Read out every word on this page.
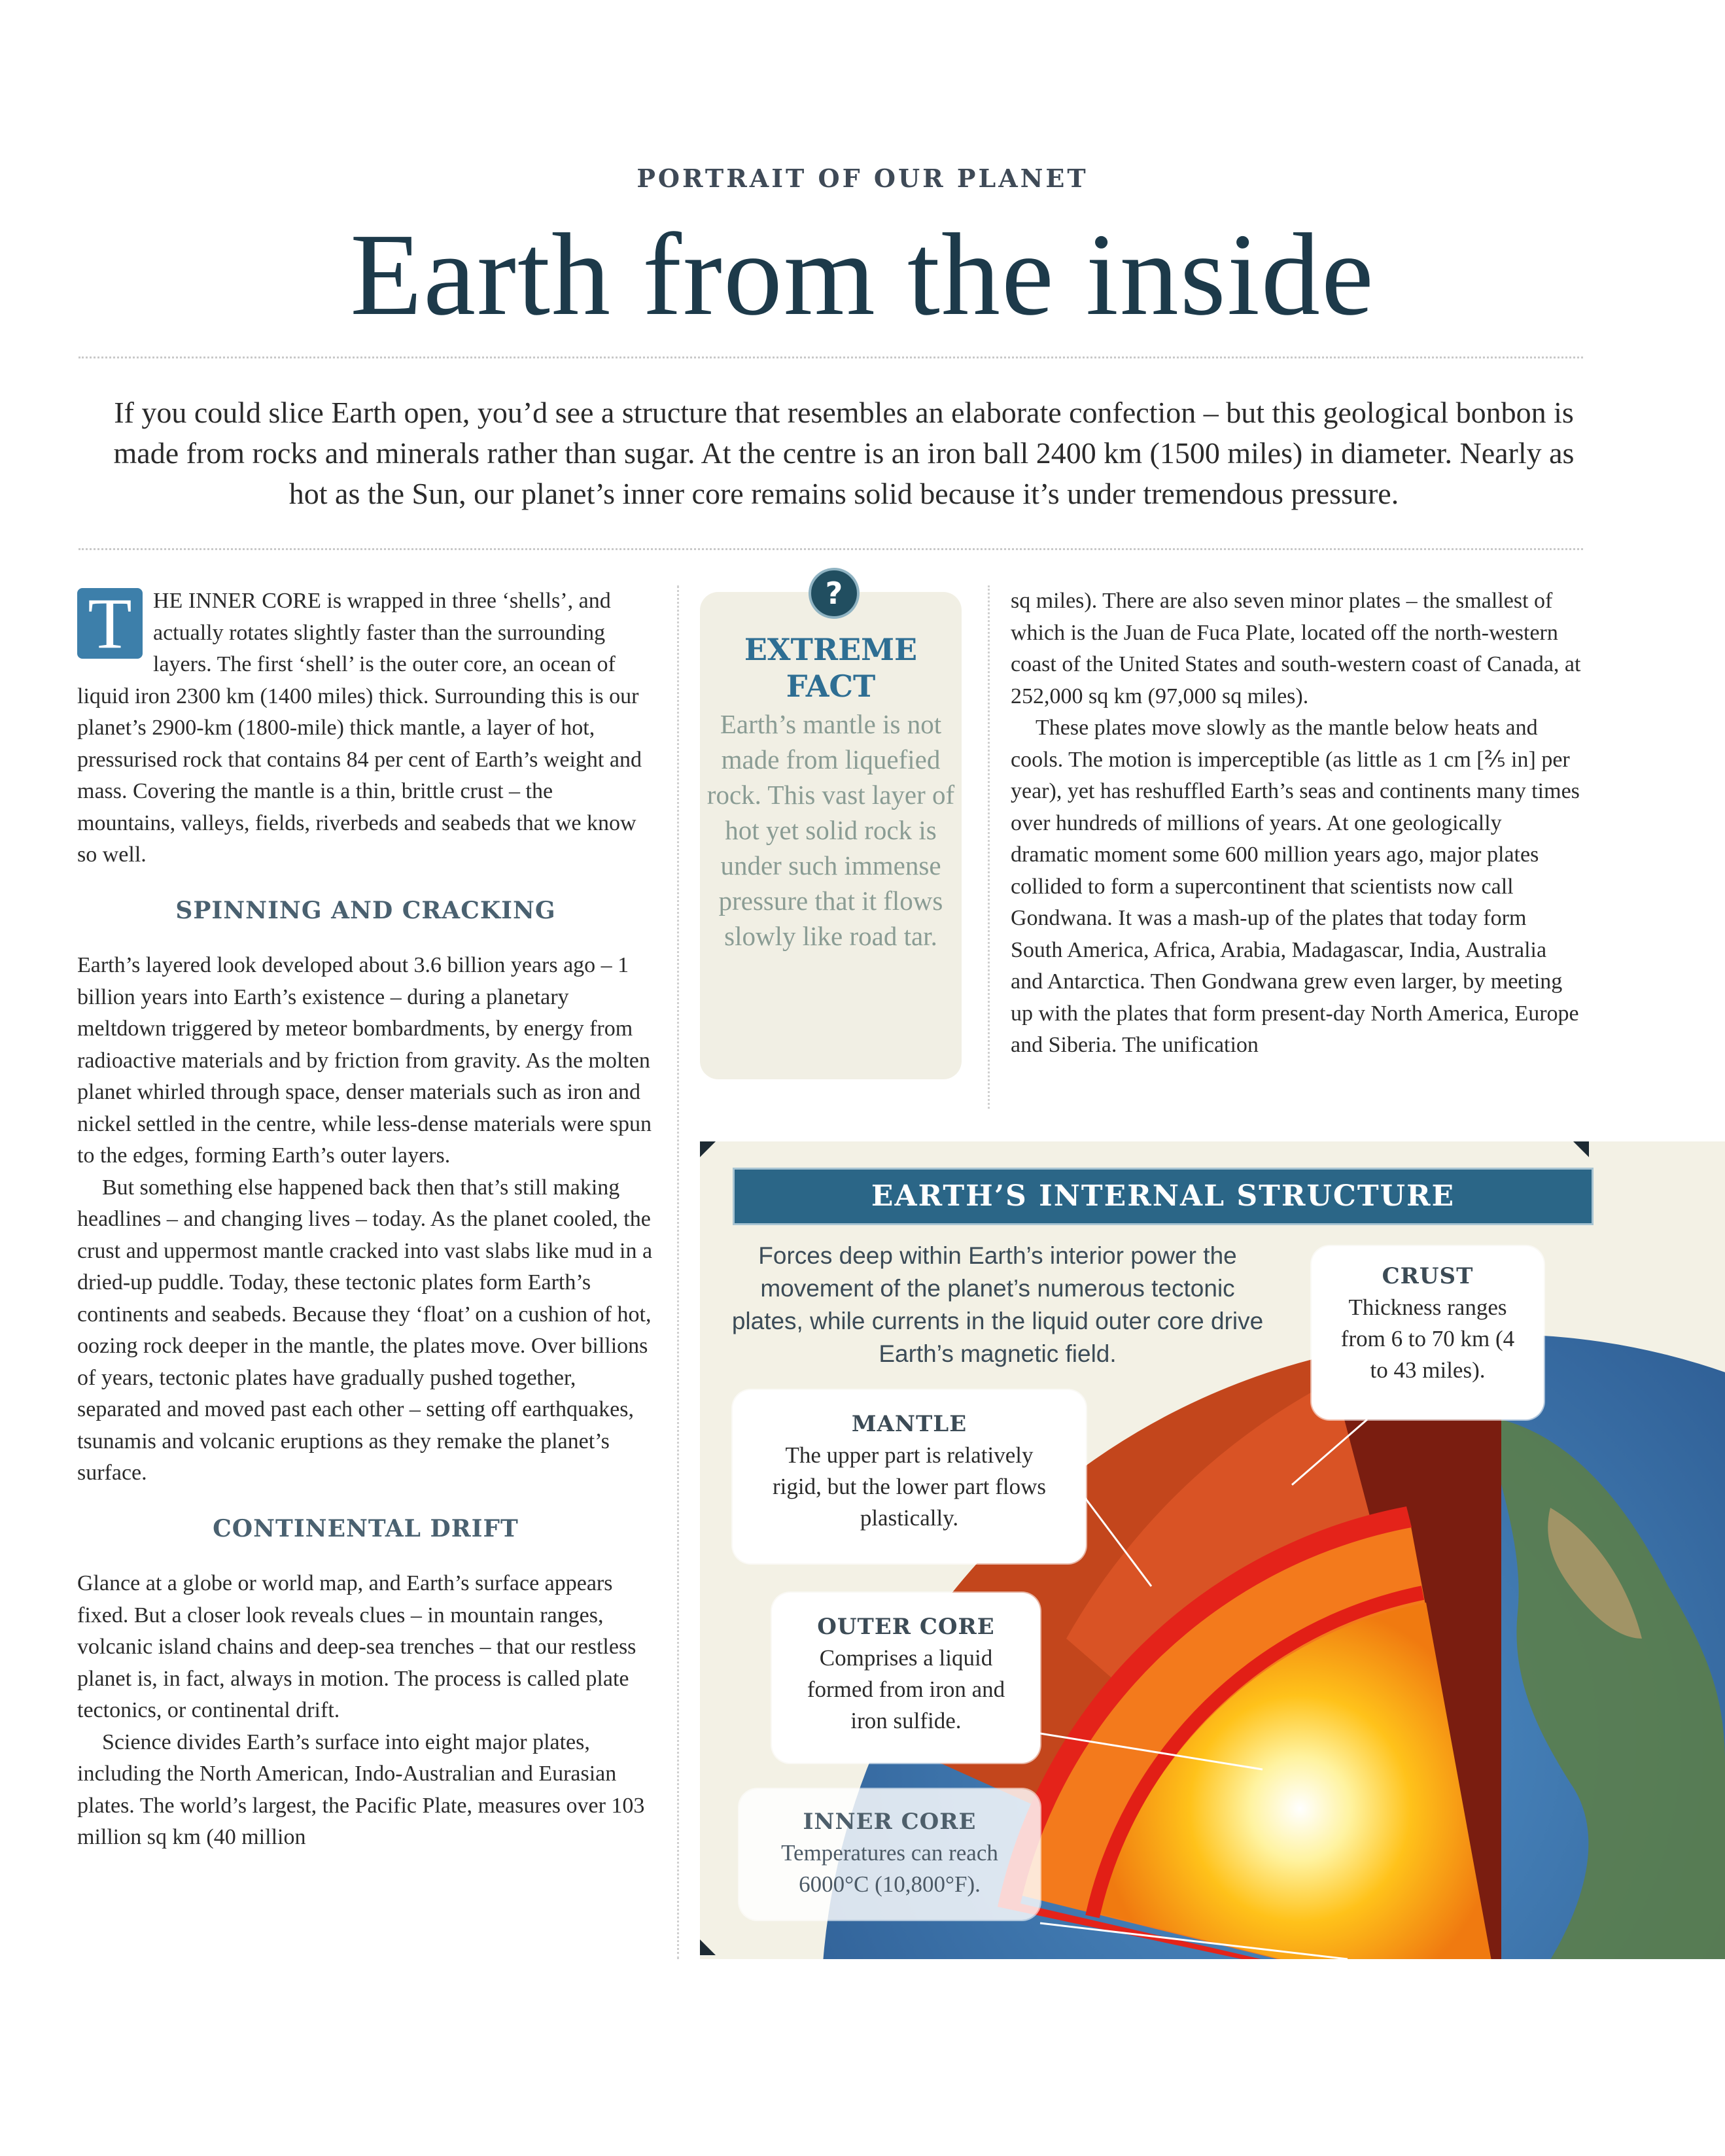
PORTRAIT OF OUR PLANET
Earth from the inside
If you could slice Earth open, you’d see a structure that resembles an elaborate confection – but this geological bonbon is made from rocks and minerals rather than sugar. At the centre is an iron ball 2400 km (1500 miles) in diameter. Nearly as hot as the Sun, our planet’s inner core remains solid because it’s under tremendous pressure.

T HE INNER CORE is wrapped in three ‘shells’, and actually rotates slightly faster than the surrounding layers. The first ‘shell’ is the outer core, an ocean of liquid iron 2300 km (1400 miles) thick. Surrounding this is our planet’s 2900-km (1800-mile) thick mantle, a layer of hot, pressurised rock that contains 84 per cent of Earth’s weight and mass. Covering the mantle is a thin, brittle crust – the mountains, valleys, fields, riverbeds and seabeds that we know so well.

SPINNING AND CRACKING

Earth’s layered look developed about 3.6 billion years ago – 1 billion years into Earth’s existence – during a planetary meltdown triggered by meteor bombardments, by energy from radioactive materials and by friction from gravity. As the molten planet whirled through space, denser materials such as iron and nickel settled in the centre, while less-dense materials were spun to the edges, forming Earth’s outer layers.

But something else happened back then that’s still making headlines – and changing lives – today. As the planet cooled, the crust and uppermost mantle cracked into vast slabs like mud in a dried-up puddle. Today, these tectonic plates form Earth’s continents and seabeds. Because they ‘float’ on a cushion of hot, oozing rock deeper in the mantle, the plates move. Over billions of years, tectonic plates have gradually pushed together, separated and moved past each other – setting off earthquakes, tsunamis and volcanic eruptions as they remake the planet’s surface.

CONTINENTAL DRIFT

Glance at a globe or world map, and Earth’s surface appears fixed. But a closer look reveals clues – in mountain ranges, volcanic island chains and deep-sea trenches – that our restless planet is, in fact, always in motion. The process is called plate tectonics, or continental drift.

Science divides Earth’s surface into eight major plates, including the North American, Indo-Australian and Eurasian plates. The world’s largest, the Pacific Plate, measures over 103 million sq km (40 million

?
EXTREME FACT
Earth’s mantle is not made from liquefied rock. This vast layer of hot yet solid rock is under such immense pressure that it flows slowly like road tar.

sq miles). There are also seven minor plates – the smallest of which is the Juan de Fuca Plate, located off the north-western coast of the United States and south-western coast of Canada, at 252,000 sq km (97,000 sq miles).

These plates move slowly as the mantle below heats and cools. The motion is imperceptible (as little as 1 cm [⅖ in] per year), yet has reshuffled Earth’s seas and continents many times over hundreds of millions of years. At one geologically dramatic moment some 600 million years ago, major plates collided to form a supercontinent that scientists now call Gondwana. It was a mash-up of the plates that today form South America, Africa, Arabia, Madagascar, India, Australia and Antarctica. Then Gondwana grew even larger, by meeting up with the plates that form present-day North America, Europe and Siberia. The unification

EARTH’S INTERNAL STRUCTURE
Forces deep within Earth’s interior power the movement of the planet’s numerous tectonic plates, while currents in the liquid outer core drive Earth’s magnetic field.
CRUST
Thickness ranges from 6 to 70 km (4 to 43 miles).
MANTLE
The upper part is relatively rigid, but the lower part flows plastically.
OUTER CORE
Comprises a liquid formed from iron and iron sulfide.
INNER CORE
Temperatures can reach 6000°C (10,800°F).
